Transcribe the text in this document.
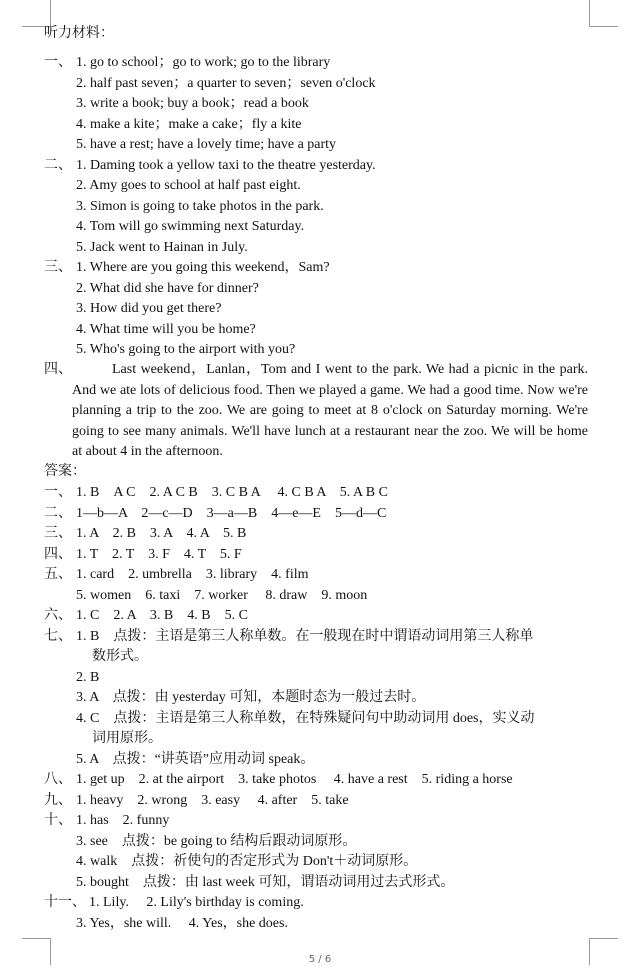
听力材料：
一、 1. go to school；go to work; go to the library
2. half past seven；a quarter to seven；seven o'clock
3. write a book; buy a book；read a book
4. make a kite；make a cake；fly a kite
5. have a rest; have a lovely time; have a party
二、 1. Daming took a yellow taxi to the theatre yesterday.
2. Amy goes to school at half past eight.
3. Simon is going to take photos in the park.
4. Tom will go swimming next Saturday.
5. Jack went to Hainan in July.
三、 1. Where are you going this weekend，Sam?
2. What did she have for dinner?
3. How did you get there?
4. What time will you be home?
5. Who's going to the airport with you?
四、	Last weekend，Lanlan，Tom and I went to the park. We had a picnic in the park. And we ate lots of delicious food. Then we played a game. We had a good time. Now we're planning a trip to the zoo. We are going to meet at 8 o'clock on Saturday morning. We're going to see many animals. We'll have lunch at a restaurant near the zoo. We will be home at about 4 in the afternoon.
答案：
一、 1. B　A C　2. A C B　3. C B A　 4. C B A　5. A B C
二、 1—b—A　2—c—D　3—a—B　4—e—E　5—d—C
三、 1. A　2. B　3. A　4. A　5. B
四、 1. T　2. T　3. F　4. T　5. F
五、 1. card　2. umbrella　3. library　4. film
5. women　6. taxi　7. worker　 8. draw　9. moon
六、 1. C　2. A　3. B　4. B　5. C
七、 1. B　点拨：主语是第三人称单数。在一般现在时中谓语动词用第三人称单
数形式。
2. B
3. A　点拨：由 yesterday 可知，本题时态为一般过去时。
4. C　点拨：主语是第三人称单数，在特殊疑问句中助动词用 does，实义动
词用原形。
5. A　点拨：“讲英语”应用动词 speak。
八、 1. get up　2. at the airport　3. take photos　 4. have a rest　5. riding a horse
九、 1. heavy　2. wrong　3. easy　 4. after　5. take
十、 1. has　2. funny
3. see　点拨：be going to 结构后跟动词原形。
4. walk　点拨：祈使句的否定形式为 Don't＋动词原形。
5. bought　点拨：由 last week 可知，谓语动词用过去式形式。
十一、 1. Lily.　 2. Lily's birthday is coming.
3. Yes，she will.　 4. Yes，she does.
5 / 6
